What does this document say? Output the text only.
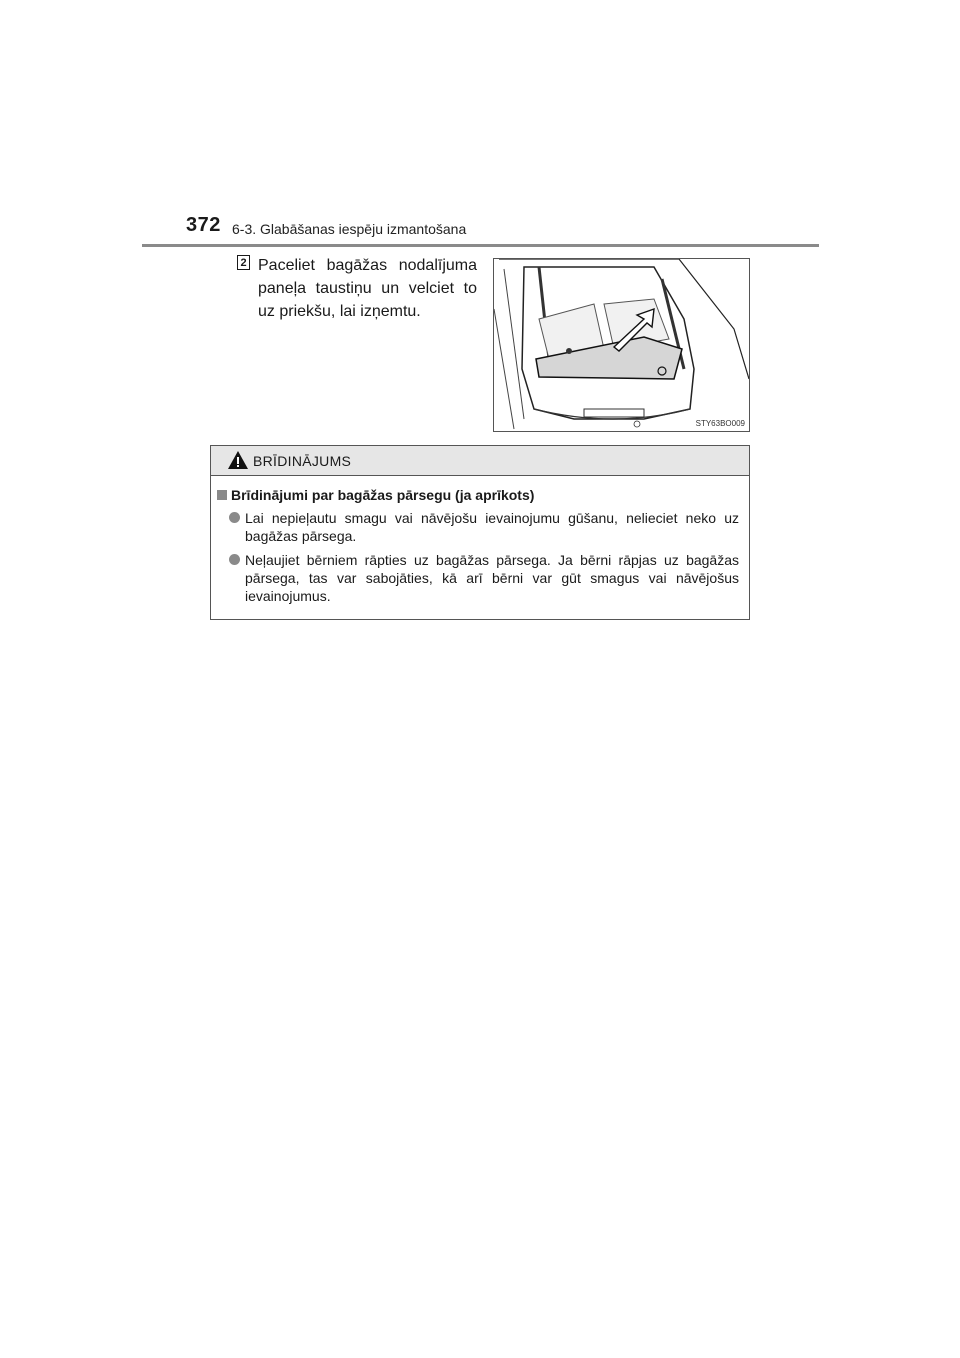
372 6-3. Glabāšanas iespēju izmantošana
2 Paceliet bagāžas nodalījuma paneļa taustiņu un velciet to uz priekšu, lai izņemtu.
STY63BO009
BRĪDINĀJUMS
Brīdinājumi par bagāžas pārsegu (ja aprīkots)
Lai nepieļautu smagu vai nāvējošu ievainojumu gūšanu, nelieciet neko uz bagāžas pārsega.
Neļaujiet bērniem rāpties uz bagāžas pārsega. Ja bērni rāpjas uz bagāžas pārsega, tas var sabojāties, kā arī bērni var gūt smagus vai nāvējošus ievainojumus.
